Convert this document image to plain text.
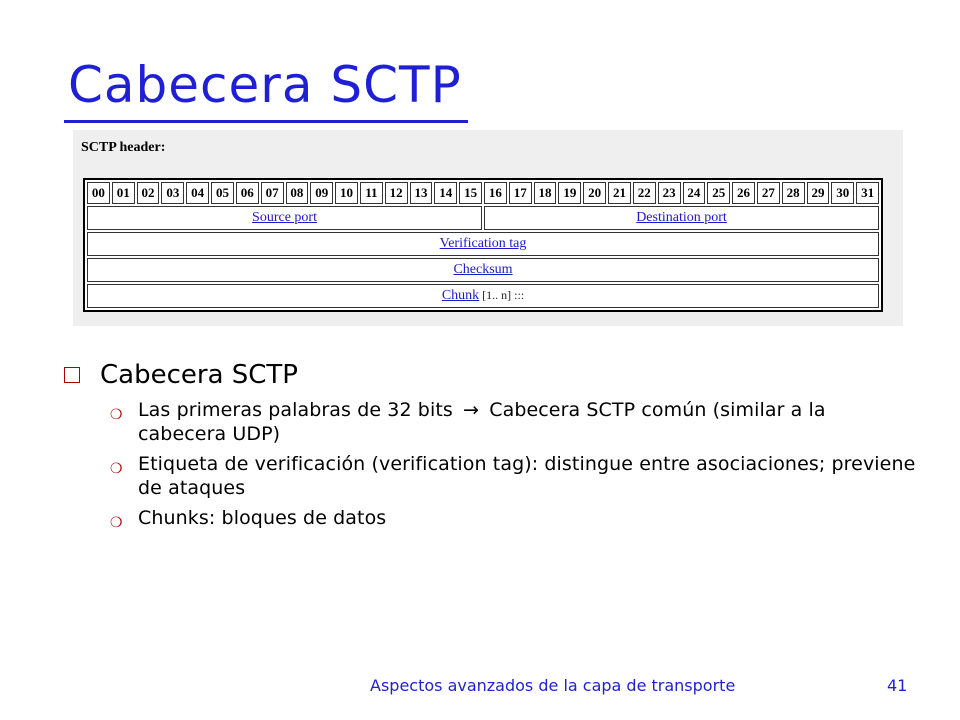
Cabecera SCTP
SCTP header:
00	01	02	03	04	05	06	07	08	09	10	11	12	13	14	15	16	17	18	19	20	21	22	23	24	25	26	27	28	29	30	31
Source port																Destination port															
Verification tag																															
Checksum																															
Chunk [1.. n] :::																															
Cabecera SCTP
❍ Las primeras palabras de 32 bits → Cabecera SCTP común (similar a la cabecera UDP)
❍ Etiqueta de verificación (verification tag): distingue entre asociaciones; previene de ataques
❍ Chunks: bloques de datos
Aspectos avanzados de la capa de transporte	41
